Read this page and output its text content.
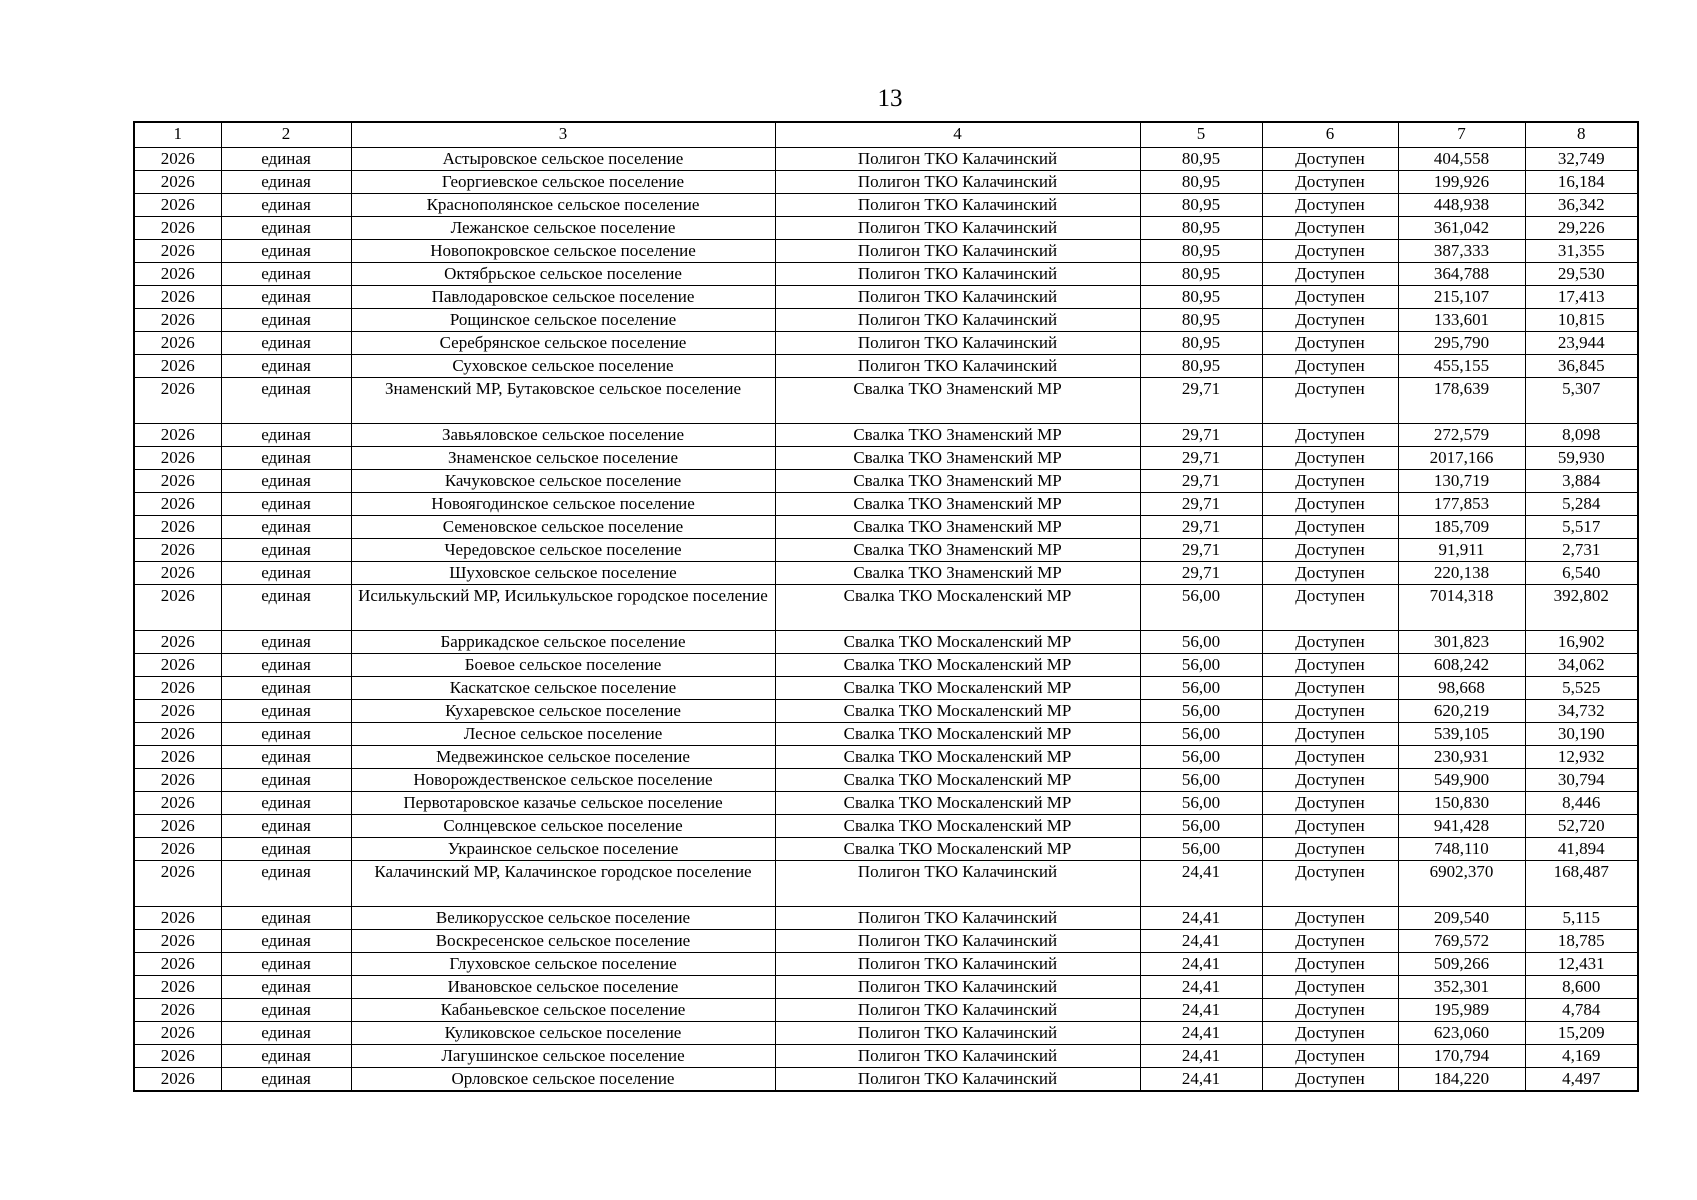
13
1	2	3	4	5	6	7	8
2026	единая	Астыровское сельское поселение	Полигон ТКО Калачинский	80,95	Доступен	404,558	32,749
2026	единая	Георгиевское сельское поселение	Полигон ТКО Калачинский	80,95	Доступен	199,926	16,184
2026	единая	Краснополянское сельское поселение	Полигон ТКО Калачинский	80,95	Доступен	448,938	36,342
2026	единая	Лежанское сельское поселение	Полигон ТКО Калачинский	80,95	Доступен	361,042	29,226
2026	единая	Новопокровское сельское поселение	Полигон ТКО Калачинский	80,95	Доступен	387,333	31,355
2026	единая	Октябрьское сельское поселение	Полигон ТКО Калачинский	80,95	Доступен	364,788	29,530
2026	единая	Павлодаровское сельское поселение	Полигон ТКО Калачинский	80,95	Доступен	215,107	17,413
2026	единая	Рощинское сельское поселение	Полигон ТКО Калачинский	80,95	Доступен	133,601	10,815
2026	единая	Серебрянское сельское поселение	Полигон ТКО Калачинский	80,95	Доступен	295,790	23,944
2026	единая	Суховское сельское поселение	Полигон ТКО Калачинский	80,95	Доступен	455,155	36,845
2026	единая	Знаменский МР, Бутаковское сельское поселение	Свалка ТКО Знаменский МР	29,71	Доступен	178,639	5,307
2026	единая	Завьяловское сельское поселение	Свалка ТКО Знаменский МР	29,71	Доступен	272,579	8,098
2026	единая	Знаменское сельское поселение	Свалка ТКО Знаменский МР	29,71	Доступен	2017,166	59,930
2026	единая	Качуковское сельское поселение	Свалка ТКО Знаменский МР	29,71	Доступен	130,719	3,884
2026	единая	Новоягодинское сельское поселение	Свалка ТКО Знаменский МР	29,71	Доступен	177,853	5,284
2026	единая	Семеновское сельское поселение	Свалка ТКО Знаменский МР	29,71	Доступен	185,709	5,517
2026	единая	Чередовское сельское поселение	Свалка ТКО Знаменский МР	29,71	Доступен	91,911	2,731
2026	единая	Шуховское сельское поселение	Свалка ТКО Знаменский МР	29,71	Доступен	220,138	6,540
2026	единая	Исилькульский МР, Исилькульское городское поселение	Свалка ТКО Москаленский МР	56,00	Доступен	7014,318	392,802
2026	единая	Баррикадское сельское поселение	Свалка ТКО Москаленский МР	56,00	Доступен	301,823	16,902
2026	единая	Боевое сельское поселение	Свалка ТКО Москаленский МР	56,00	Доступен	608,242	34,062
2026	единая	Каскатское сельское поселение	Свалка ТКО Москаленский МР	56,00	Доступен	98,668	5,525
2026	единая	Кухаревское сельское поселение	Свалка ТКО Москаленский МР	56,00	Доступен	620,219	34,732
2026	единая	Лесное сельское поселение	Свалка ТКО Москаленский МР	56,00	Доступен	539,105	30,190
2026	единая	Медвежинское сельское поселение	Свалка ТКО Москаленский МР	56,00	Доступен	230,931	12,932
2026	единая	Новорождественское сельское поселение	Свалка ТКО Москаленский МР	56,00	Доступен	549,900	30,794
2026	единая	Первотаровское казачье сельское поселение	Свалка ТКО Москаленский МР	56,00	Доступен	150,830	8,446
2026	единая	Солнцевское сельское поселение	Свалка ТКО Москаленский МР	56,00	Доступен	941,428	52,720
2026	единая	Украинское сельское поселение	Свалка ТКО Москаленский МР	56,00	Доступен	748,110	41,894
2026	единая	Калачинский МР, Калачинское городское поселение	Полигон ТКО Калачинский	24,41	Доступен	6902,370	168,487
2026	единая	Великорусское сельское поселение	Полигон ТКО Калачинский	24,41	Доступен	209,540	5,115
2026	единая	Воскресенское сельское поселение	Полигон ТКО Калачинский	24,41	Доступен	769,572	18,785
2026	единая	Глуховское сельское поселение	Полигон ТКО Калачинский	24,41	Доступен	509,266	12,431
2026	единая	Ивановское сельское поселение	Полигон ТКО Калачинский	24,41	Доступен	352,301	8,600
2026	единая	Кабаньевское сельское поселение	Полигон ТКО Калачинский	24,41	Доступен	195,989	4,784
2026	единая	Куликовское сельское поселение	Полигон ТКО Калачинский	24,41	Доступен	623,060	15,209
2026	единая	Лагушинское сельское поселение	Полигон ТКО Калачинский	24,41	Доступен	170,794	4,169
2026	единая	Орловское сельское поселение	Полигон ТКО Калачинский	24,41	Доступен	184,220	4,497
